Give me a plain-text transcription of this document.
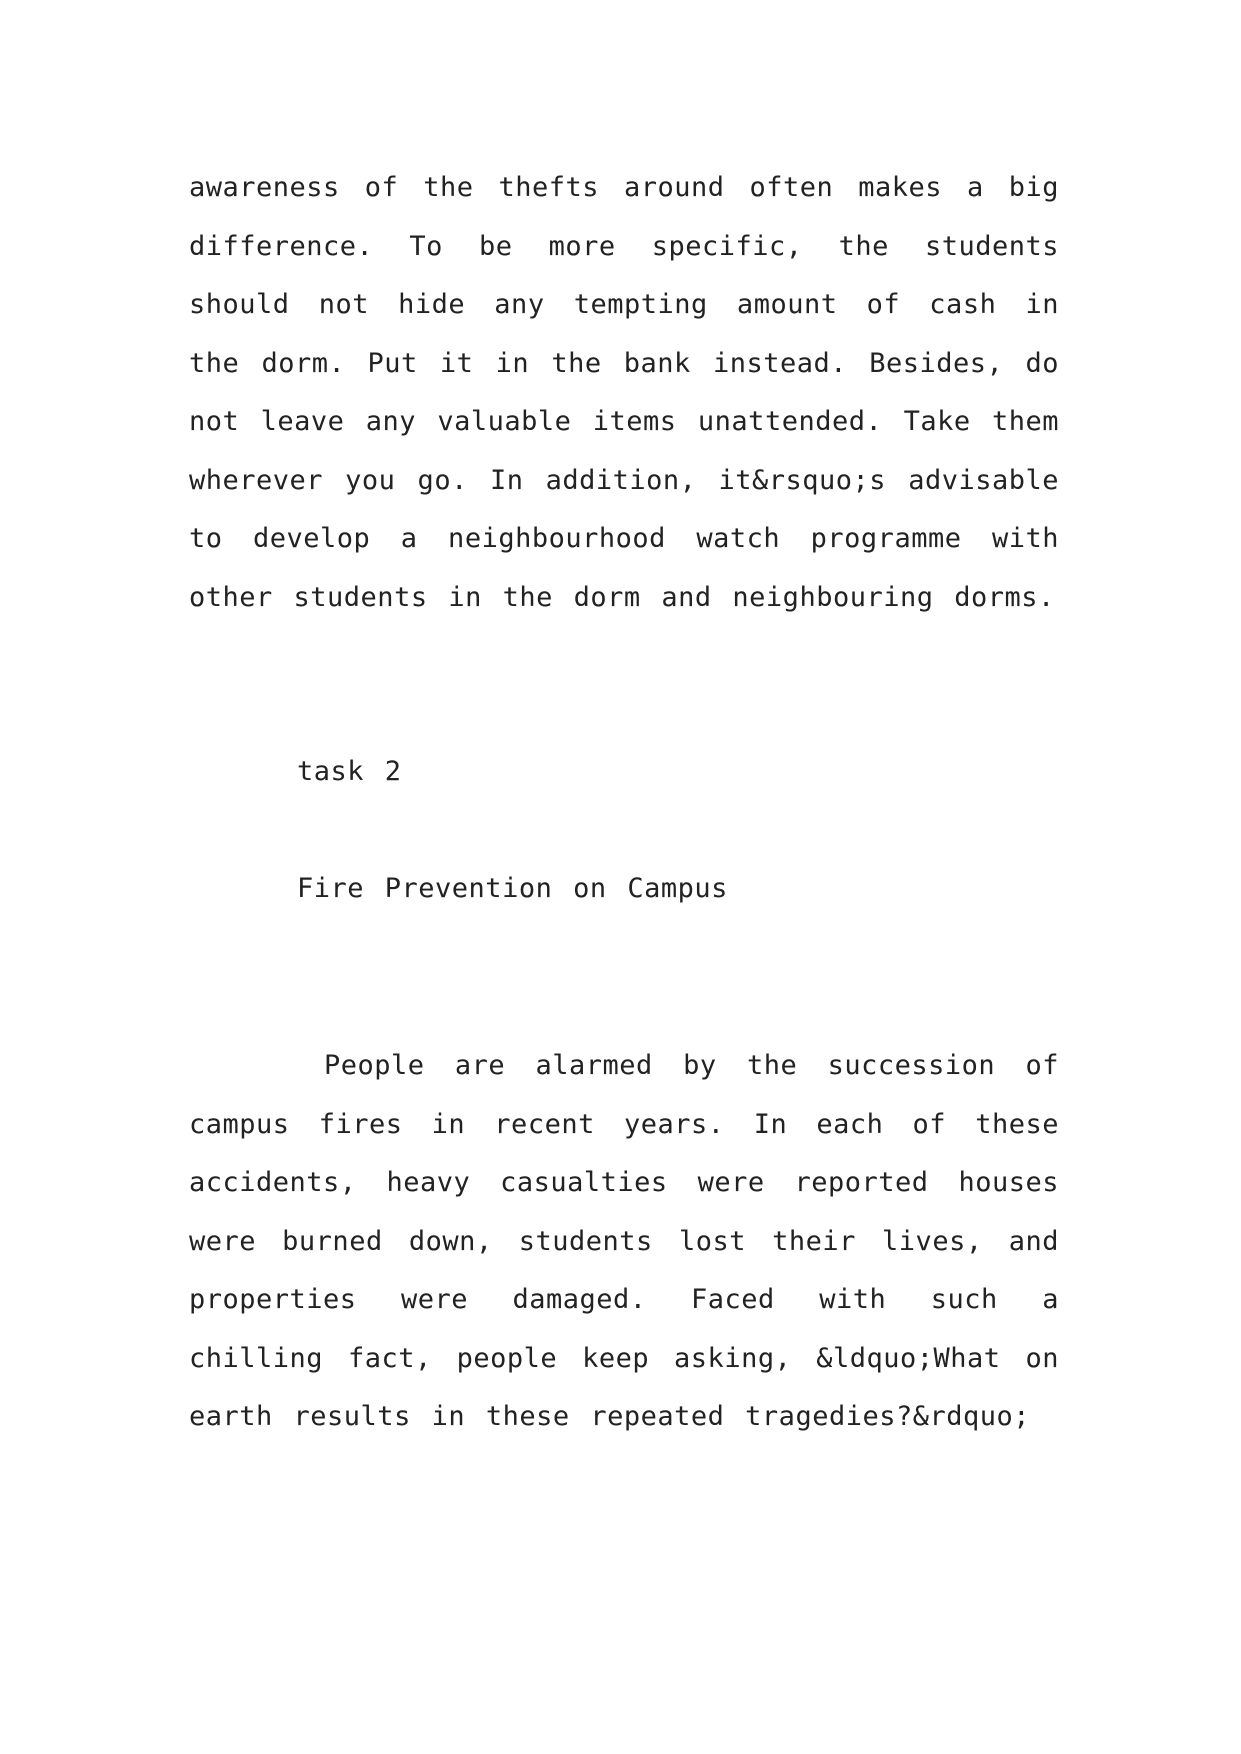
awareness of the thefts around often makes a big difference. To be more specific, the students should not hide any tempting amount of cash in the dorm. Put it in the bank instead. Besides, do not leave any valuable items unattended. Take them wherever you go. In addition, it&rsquo;s advisable to develop a neighbourhood watch programme with other students in the dorm and neighbouring dorms.

task 2

Fire Prevention on Campus

People are alarmed by the succession of campus fires in recent years. In each of these accidents, heavy casualties were reported houses were burned down, students lost their lives, and properties were damaged. Faced with such a chilling fact, people keep asking, &ldquo;What on earth results in these repeated tragedies?&rdquo;
